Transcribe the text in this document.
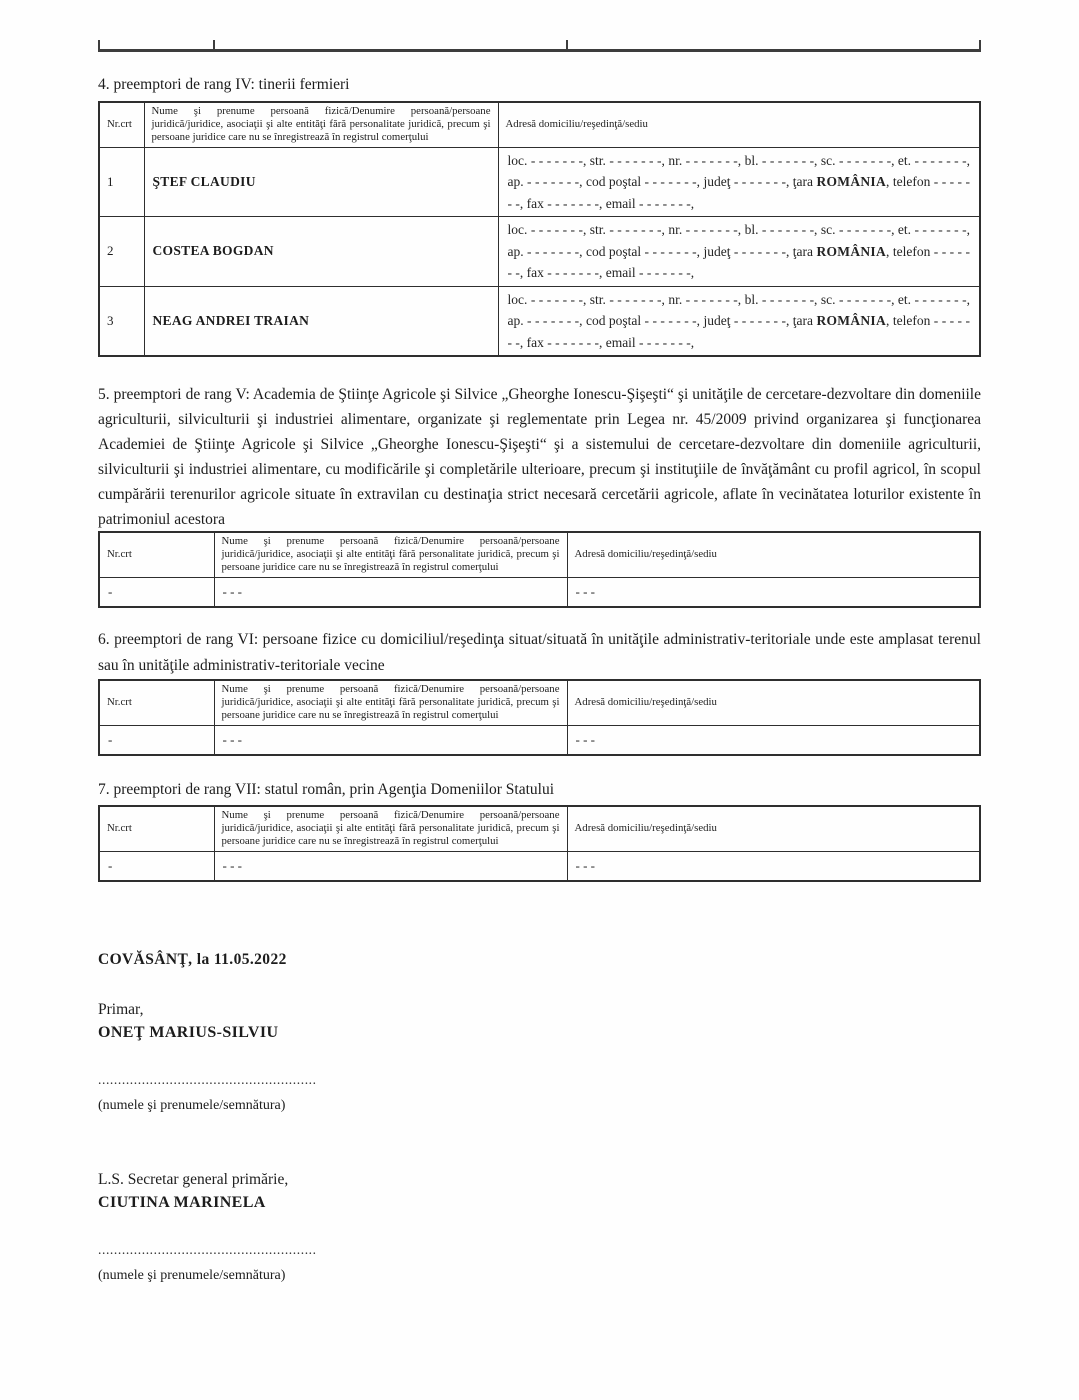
4. preemptori de rang IV: tinerii fermieri
Nr.crt	Nume şi prenume persoană fizică/Denumire persoană/persoane juridică/juridice, asociaţii şi alte entităţi fără personalitate juridică, precum şi persoane juridice care nu se înregistrează în registrul comerţului	Adresă domiciliu/reşedinţă/sediu
1	ŞTEF CLAUDIU	loc. - - - - - - -, str. - - - - - - -, nr. - - - - - - -, bl. - - - - - - -, sc. - - - - - - -, et. - - - - - - -, ap. - - - - - - -, cod poştal - - - - - - -, judeţ - - - - - - -, ţara ROMÂNIA, telefon - - - - - - -, fax - - - - - - -, email - - - - - - -,
2	COSTEA BOGDAN	loc. - - - - - - -, str. - - - - - - -, nr. - - - - - - -, bl. - - - - - - -, sc. - - - - - - -, et. - - - - - - -, ap. - - - - - - -, cod poştal - - - - - - -, judeţ - - - - - - -, ţara ROMÂNIA, telefon - - - - - - -, fax - - - - - - -, email - - - - - - -,
3	NEAG ANDREI TRAIAN	loc. - - - - - - -, str. - - - - - - -, nr. - - - - - - -, bl. - - - - - - -, sc. - - - - - - -, et. - - - - - - -, ap. - - - - - - -, cod poştal - - - - - - -, judeţ - - - - - - -, ţara ROMÂNIA, telefon - - - - - - -, fax - - - - - - -, email - - - - - - -,
5. preemptori de rang V: Academia de Ştiinţe Agricole şi Silvice „Gheorghe Ionescu-Şişeşti“ şi unităţile de cercetare-dezvoltare din domeniile agriculturii, silviculturii şi industriei alimentare, organizate şi reglementate prin Legea nr. 45/2009 privind organizarea şi funcţionarea Academiei de Ştiinţe Agricole şi Silvice „Gheorghe Ionescu-Şişeşti“ şi a sistemului de cercetare-dezvoltare din domeniile agriculturii, silviculturii şi industriei alimentare, cu modificările şi completările ulterioare, precum şi instituţiile de învăţământ cu profil agricol, în scopul cumpărării terenurilor agricole situate în extravilan cu destinaţia strict necesară cercetării agricole, aflate în vecinătatea loturilor existente în patrimoniul acestora
Nr.crt	Nume şi prenume persoană fizică/Denumire persoană/persoane juridică/juridice, asociaţii şi alte entităţi fără personalitate juridică, precum şi persoane juridice care nu se înregistrează în registrul comerţului	Adresă domiciliu/reşedinţă/sediu
-	- - -	- - -
6. preemptori de rang VI: persoane fizice cu domiciliul/reşedinţa situat/situată în unităţile administrativ-teritoriale unde este amplasat terenul sau în unităţile administrativ-teritoriale vecine
Nr.crt	Nume şi prenume persoană fizică/Denumire persoană/persoane juridică/juridice, asociaţii şi alte entităţi fără personalitate juridică, precum şi persoane juridice care nu se înregistrează în registrul comerţului	Adresă domiciliu/reşedinţă/sediu
-	- - -	- - -
7. preemptori de rang VII: statul român, prin Agenţia Domeniilor Statului
Nr.crt	Nume şi prenume persoană fizică/Denumire persoană/persoane juridică/juridice, asociaţii şi alte entităţi fără personalitate juridică, precum şi persoane juridice care nu se înregistrează în registrul comerţului	Adresă domiciliu/reşedinţă/sediu
-	- - -	- - -
COVĂSÂNŢ, la 11.05.2022
Primar,
ONEŢ MARIUS-SILVIU
.......................................................
(numele şi prenumele/semnătura)
L.S. Secretar general primărie,
CIUTINA MARINELA
.......................................................
(numele şi prenumele/semnătura)
